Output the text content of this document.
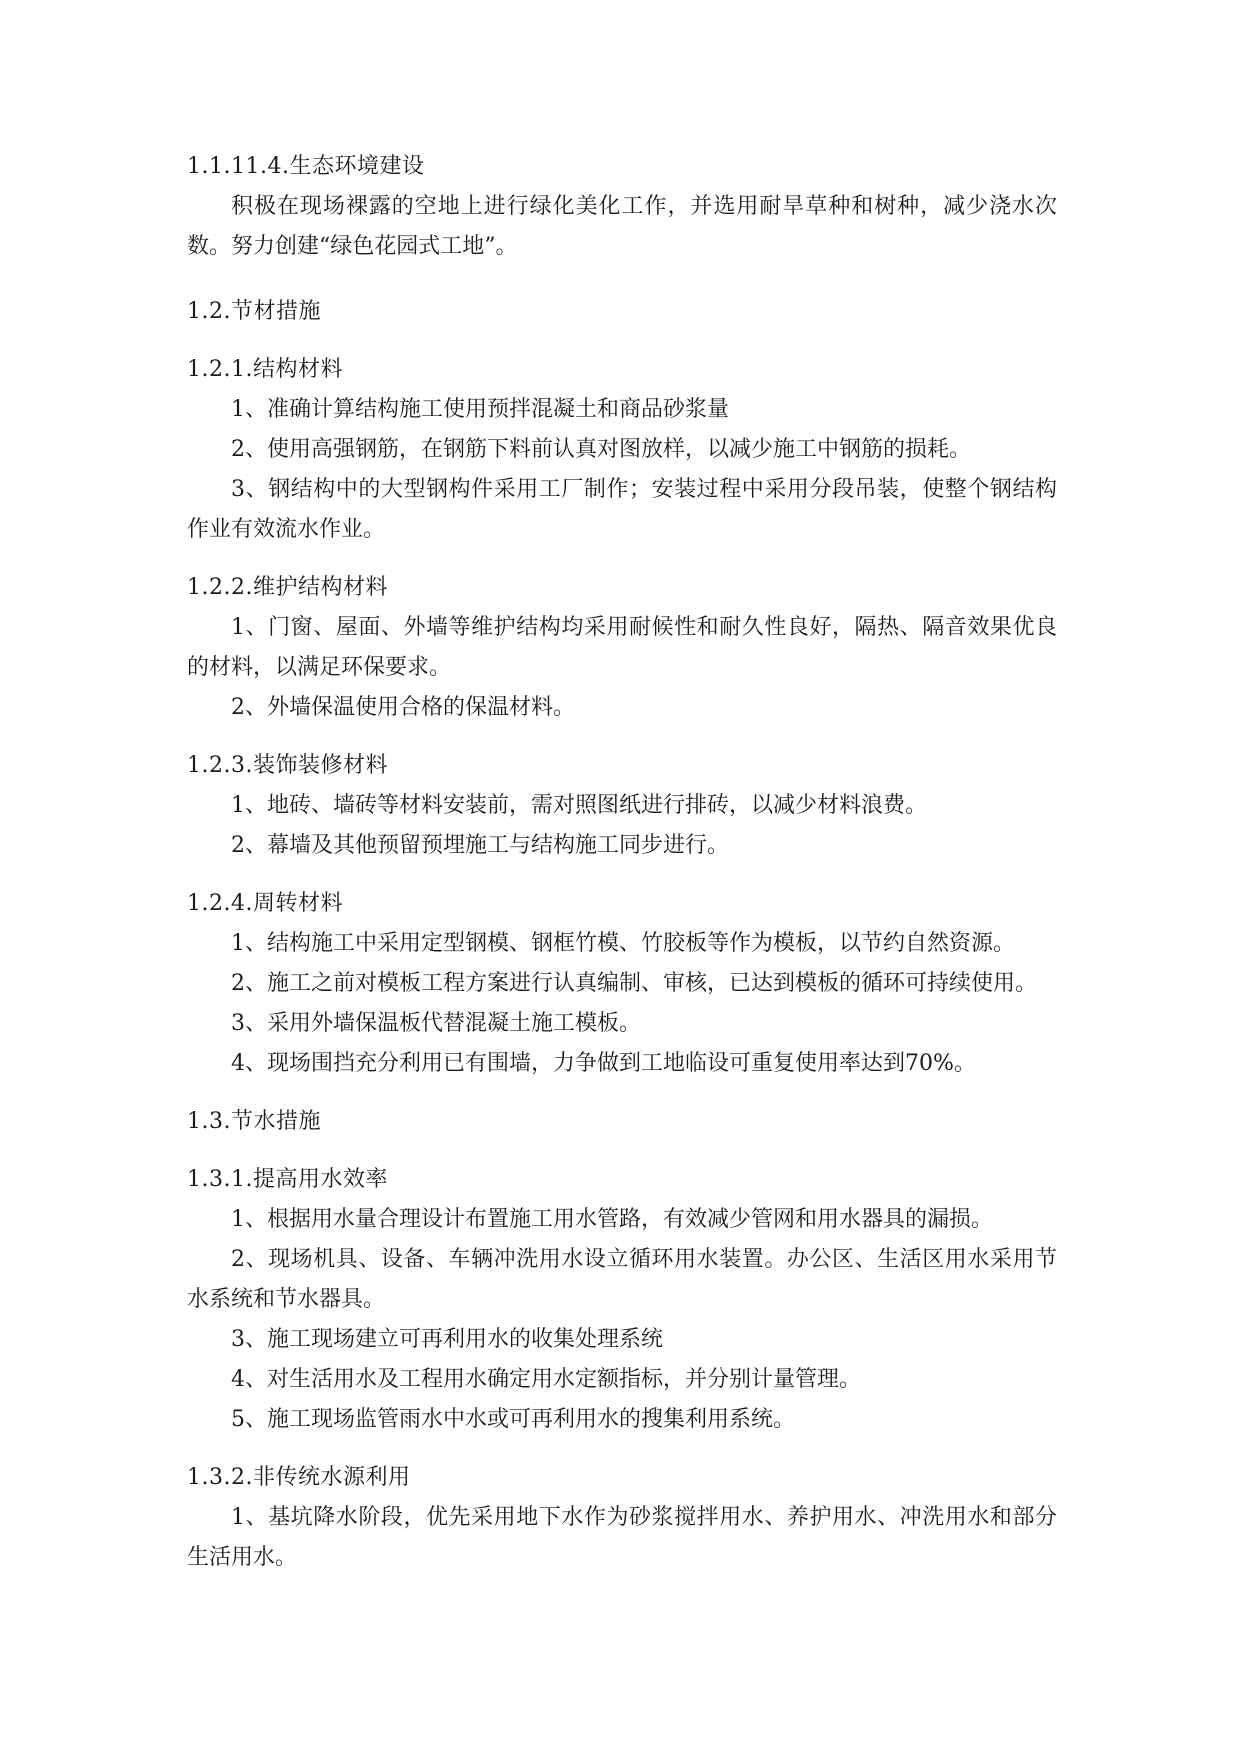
1.1.11.4.生态环境建设

积极在现场裸露的空地上进行绿化美化工作，并选用耐旱草种和树种，减少浇水次数。努力创建“绿色花园式工地”。

1.2.节材措施

1.2.1.结构材料

1、准确计算结构施工使用预拌混凝土和商品砂浆量

2、使用高强钢筋，在钢筋下料前认真对图放样，以减少施工中钢筋的损耗。

3、钢结构中的大型钢构件采用工厂制作；安装过程中采用分段吊装，使整个钢结构作业有效流水作业。

1.2.2.维护结构材料

1、门窗、屋面、外墙等维护结构均采用耐候性和耐久性良好，隔热、隔音效果优良的材料，以满足环保要求。

2、外墙保温使用合格的保温材料。

1.2.3.装饰装修材料

1、地砖、墙砖等材料安装前，需对照图纸进行排砖，以减少材料浪费。

2、幕墙及其他预留预埋施工与结构施工同步进行。

1.2.4.周转材料

1、结构施工中采用定型钢模、钢框竹模、竹胶板等作为模板，以节约自然资源。

2、施工之前对模板工程方案进行认真编制、审核，已达到模板的循环可持续使用。

3、采用外墙保温板代替混凝土施工模板。

4、现场围挡充分利用已有围墙，力争做到工地临设可重复使用率达到70%。

1.3.节水措施

1.3.1.提高用水效率

1、根据用水量合理设计布置施工用水管路，有效减少管网和用水器具的漏损。

2、现场机具、设备、车辆冲洗用水设立循环用水装置。办公区、生活区用水采用节水系统和节水器具。

3、施工现场建立可再利用水的收集处理系统

4、对生活用水及工程用水确定用水定额指标，并分别计量管理。

5、施工现场监管雨水中水或可再利用水的搜集利用系统。

1.3.2.非传统水源利用

1、基坑降水阶段，优先采用地下水作为砂浆搅拌用水、养护用水、冲洗用水和部分生活用水。
